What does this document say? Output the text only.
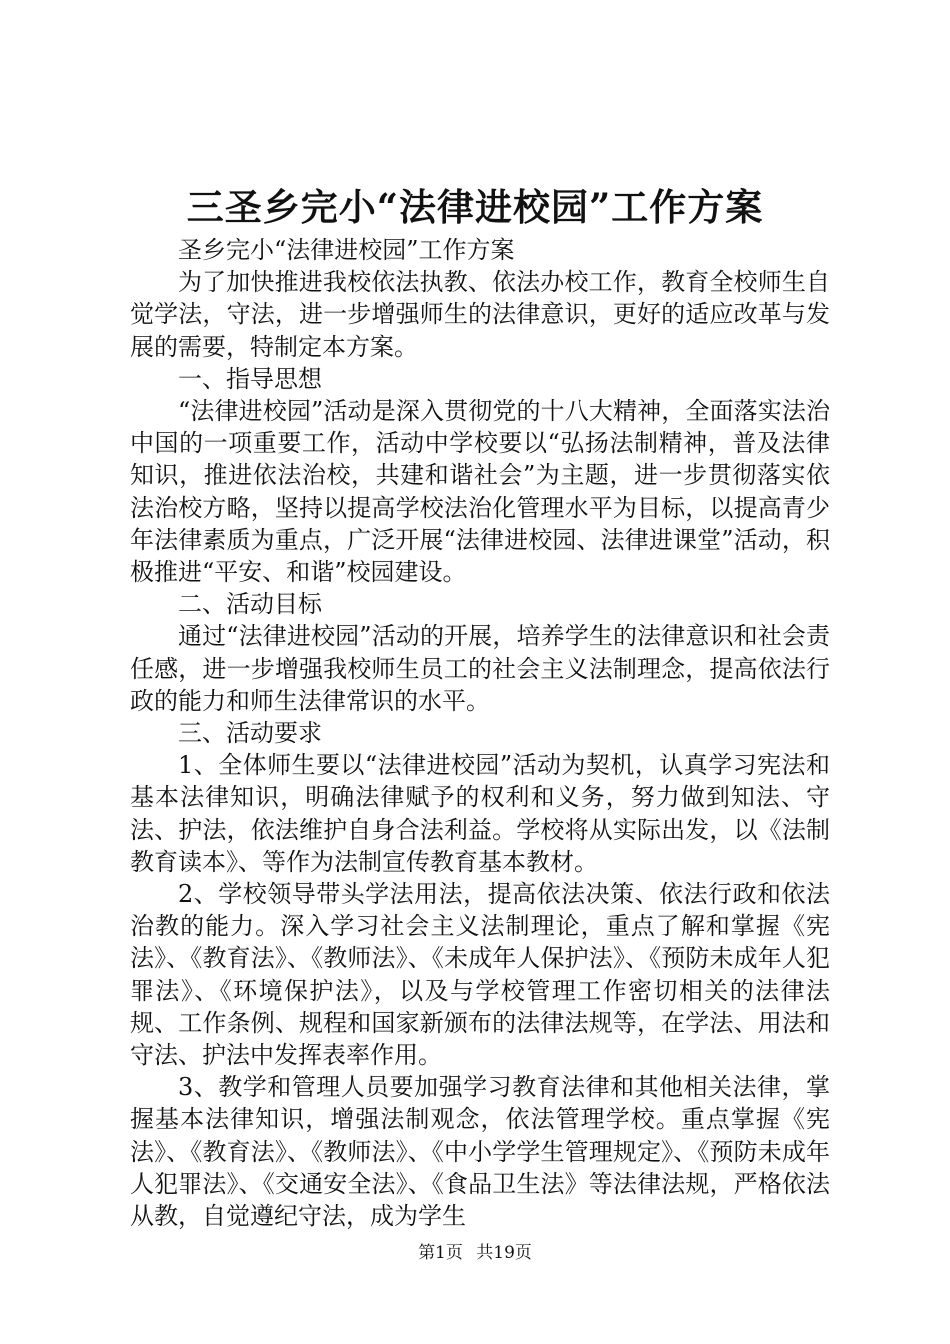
三圣乡完小“法律进校园”工作方案

圣乡完小“法律进校园”工作方案

为了加快推进我校依法执教、依法办校工作，教育全校师生自觉学法，守法，进一步增强师生的法律意识，更好的适应改革与发展的需要，特制定本方案。

一、指导思想

“法律进校园”活动是深入贯彻党的十八大精神，全面落实法治中国的一项重要工作，活动中学校要以“弘扬法制精神，普及法律知识，推进依法治校，共建和谐社会”为主题，进一步贯彻落实依法治校方略，坚持以提高学校法治化管理水平为目标，以提高青少年法律素质为重点，广泛开展“法律进校园、法律进课堂”活动，积极推进“平安、和谐”校园建设。

二、活动目标

通过“法律进校园”活动的开展，培养学生的法律意识和社会责任感，进一步增强我校师生员工的社会主义法制理念，提高依法行政的能力和师生法律常识的水平。

三、活动要求

1、全体师生要以“法律进校园”活动为契机，认真学习宪法和基本法律知识，明确法律赋予的权利和义务，努力做到知法、守法、护法，依法维护自身合法利益。学校将从实际出发，以《法制教育读本》、等作为法制宣传教育基本教材。

2、学校领导带头学法用法，提高依法决策、依法行政和依法治教的能力。深入学习社会主义法制理论，重点了解和掌握《宪法》、《教育法》、《教师法》、《未成年人保护法》、《预防未成年人犯罪法》、《环境保护法》，以及与学校管理工作密切相关的法律法规、工作条例、规程和国家新颁布的法律法规等，在学法、用法和守法、护法中发挥表率作用。

3、教学和管理人员要加强学习教育法律和其他相关法律，掌握基本法律知识，增强法制观念，依法管理学校。重点掌握《宪法》、《教育法》、《教师法》、《中小学学生管理规定》、《预防未成年人犯罪法》、《交通安全法》、《食品卫生法》等法律法规，严格依法从教，自觉遵纪守法，成为学生

第1页 共19页
